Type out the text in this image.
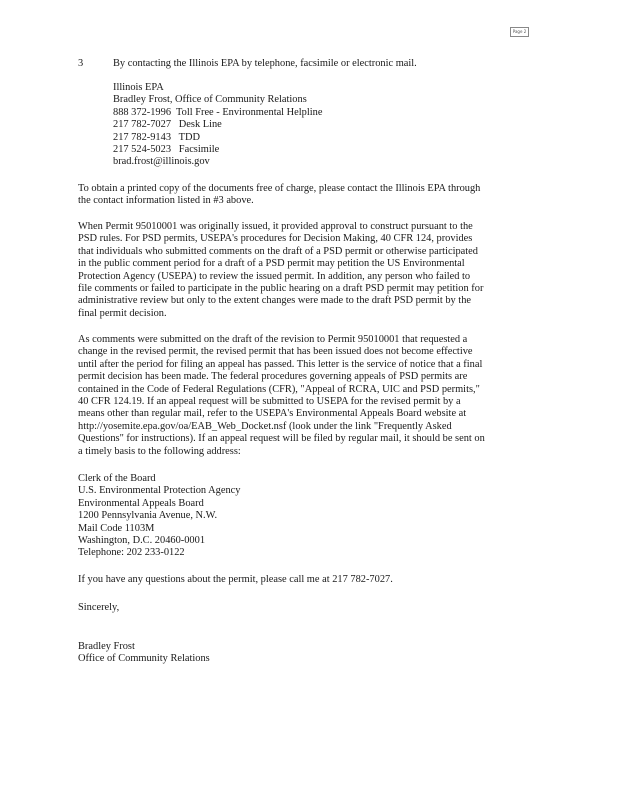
Page 2
3	By contacting the Illinois EPA by telephone, facsimile or electronic mail.
Illinois EPA
Bradley Frost, Office of Community Relations
888 372-1996  Toll Free - Environmental Helpline
217 782-7027   Desk Line
217 782-9143   TDD
217 524-5023   Facsimile
brad.frost@illinois.gov

To obtain a printed copy of the documents free of charge, please contact the Illinois EPA through
the contact information listed in #3 above.

When Permit 95010001 was originally issued, it provided approval to construct pursuant to the
PSD rules. For PSD permits, USEPA's procedures for Decision Making, 40 CFR 124, provides
that individuals who submitted comments on the draft of a PSD permit or otherwise participated
in the public comment period for a draft of a PSD permit may petition the US Environmental
Protection Agency (USEPA) to review the issued permit. In addition, any person who failed to
file comments or failed to participate in the public hearing on a draft PSD permit may petition for
administrative review but only to the extent changes were made to the draft PSD permit by the
final permit decision.

As comments were submitted on the draft of the revision to Permit 95010001 that requested a
change in the revised permit, the revised permit that has been issued does not become effective
until after the period for filing an appeal has passed. This letter is the service of notice that a final
permit decision has been made. The federal procedures governing appeals of PSD permits are
contained in the Code of Federal Regulations (CFR), "Appeal of RCRA, UIC and PSD permits,"
40 CFR 124.19. If an appeal request will be submitted to USEPA for the revised permit by a
means other than regular mail, refer to the USEPA's Environmental Appeals Board website at
http://yosemite.epa.gov/oa/EAB_Web_Docket.nsf (look under the link "Frequently Asked
Questions" for instructions). If an appeal request will be filed by regular mail, it should be sent on
a timely basis to the following address:

Clerk of the Board
U.S. Environmental Protection Agency
Environmental Appeals Board
1200 Pennsylvania Avenue, N.W.
Mail Code 1103M
Washington, D.C. 20460-0001
Telephone: 202 233-0122
If you have any questions about the permit, please call me at 217 782-7027.
Sincerely,
Bradley Frost
Office of Community Relations
